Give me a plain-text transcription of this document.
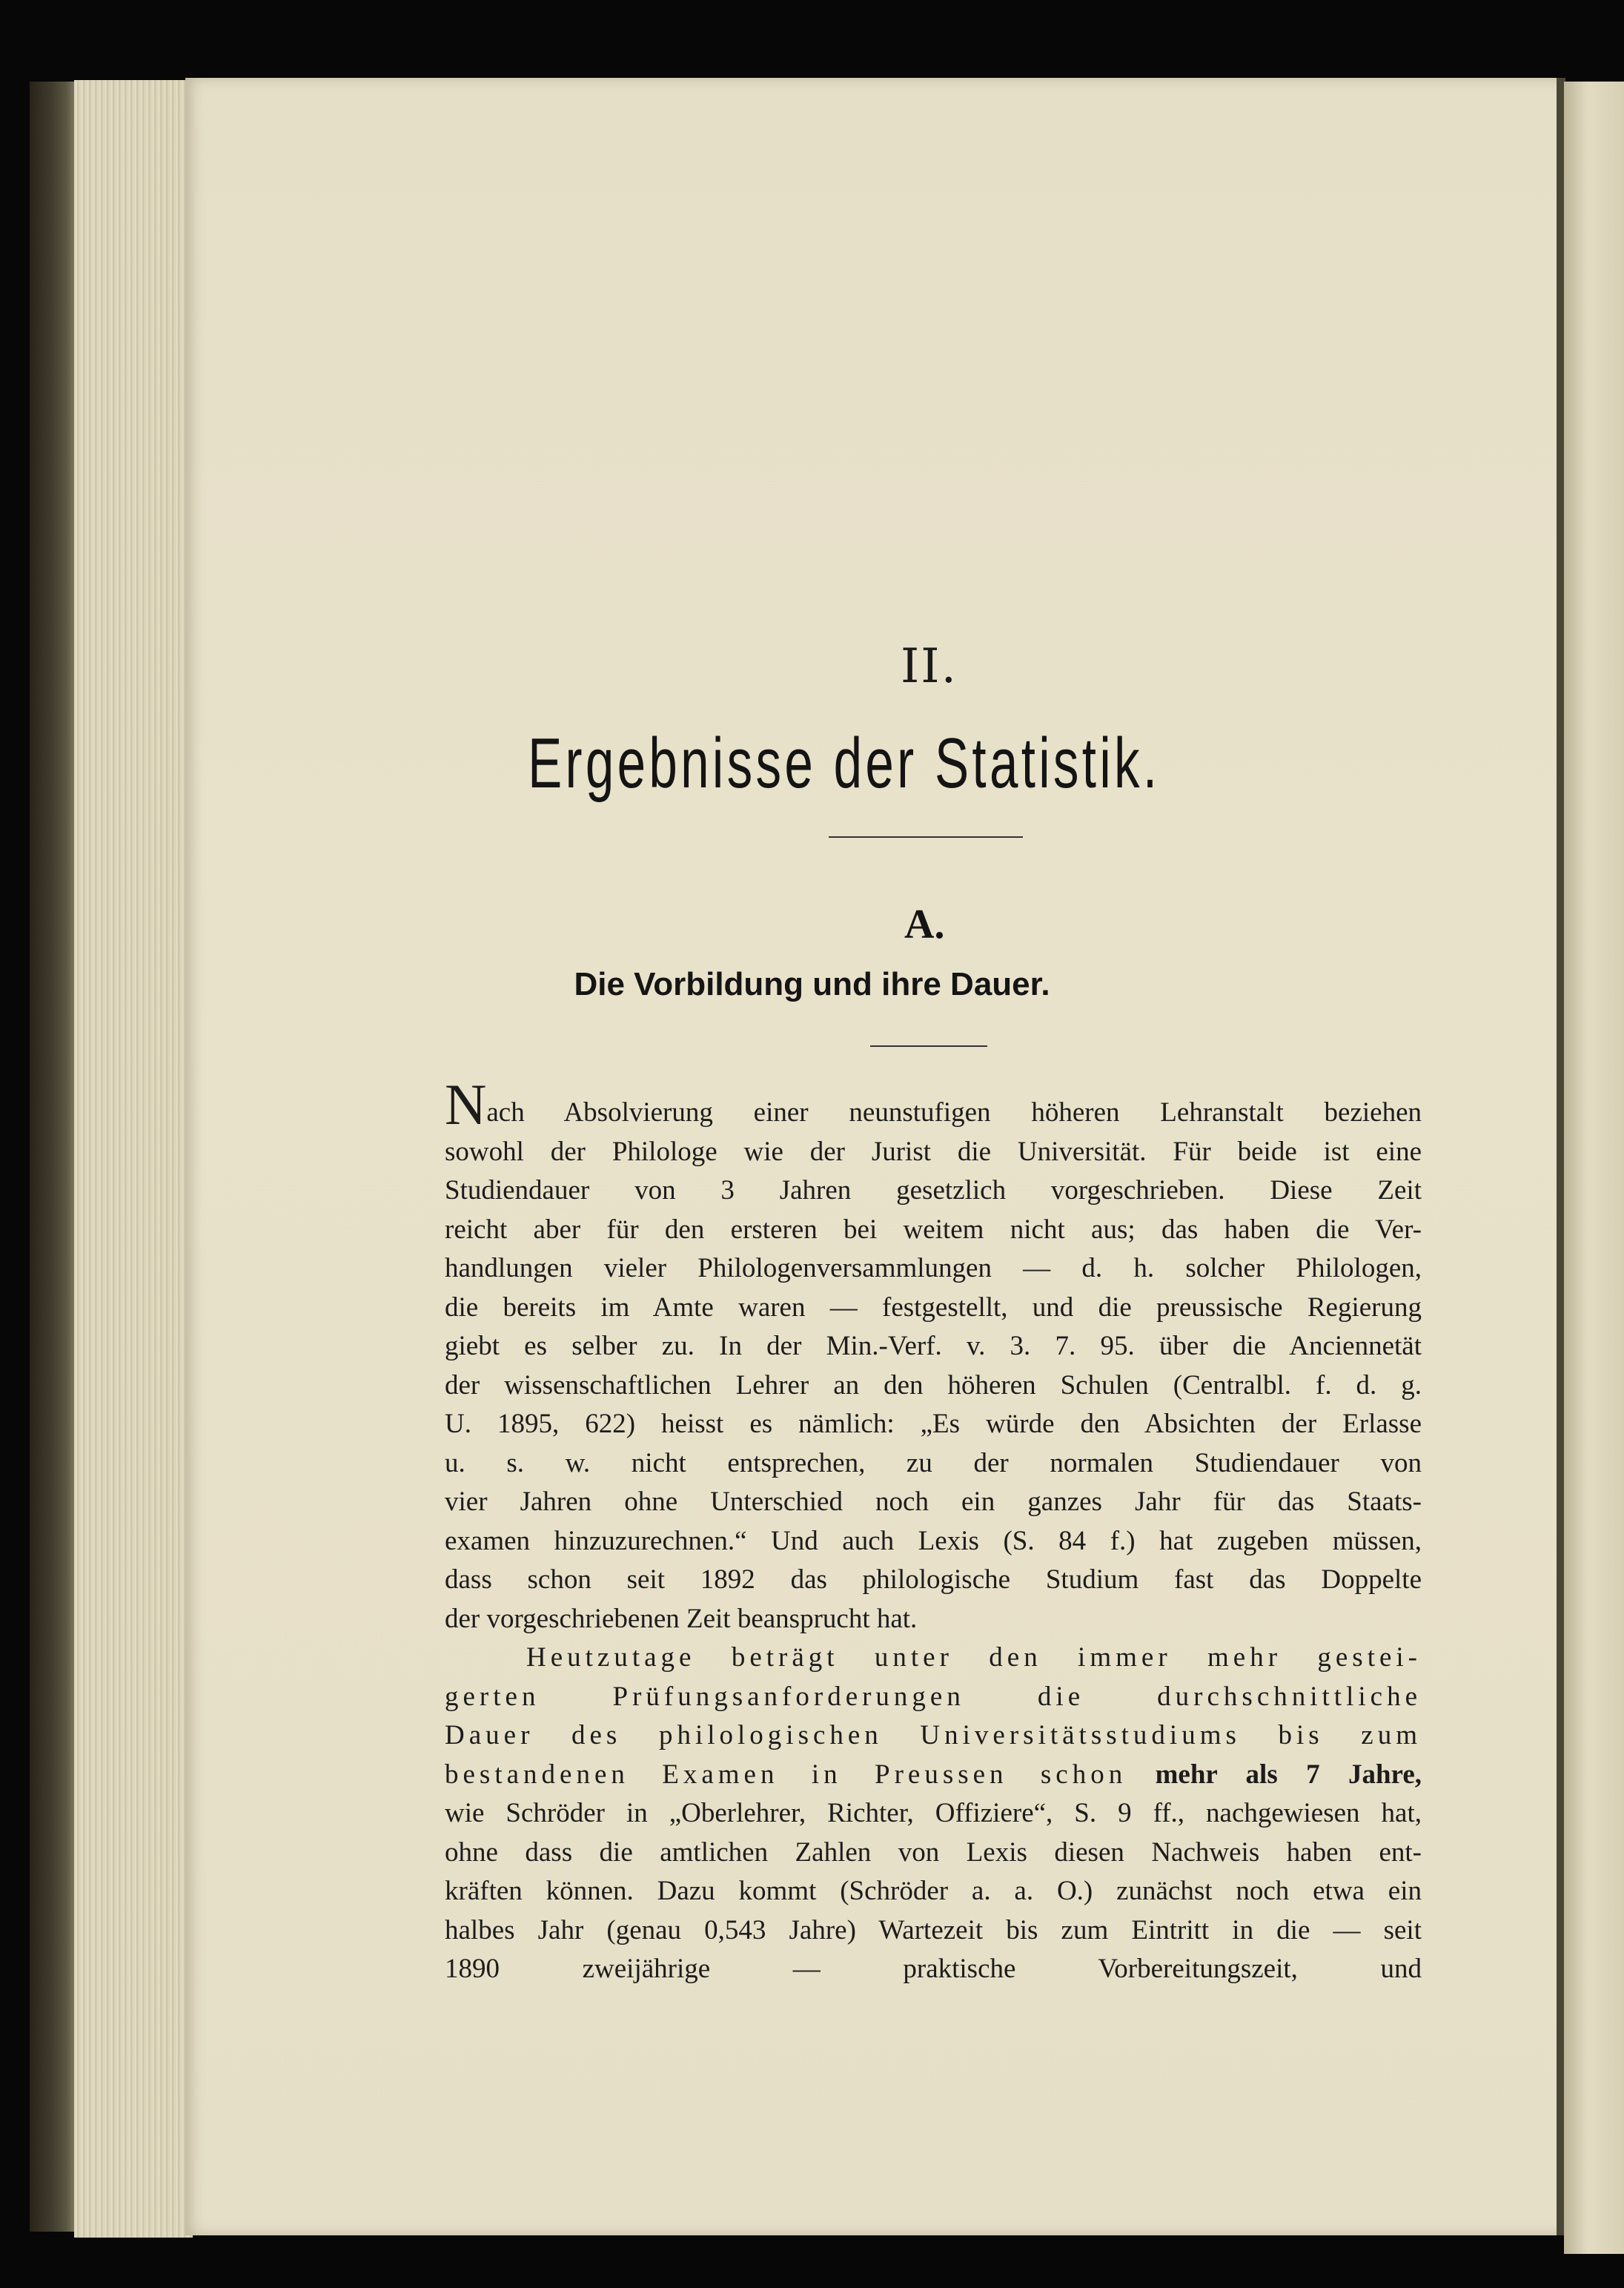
II.
Ergebnisse der Statistik.
A.
Die Vorbildung und ihre Dauer.

Nach Absolvierung einer neunstufigen höheren Lehranstalt beziehen

sowohl der Philologe wie der Jurist die Universität. Für beide ist eine

Studiendauer von 3 Jahren gesetzlich vorgeschrieben. Diese Zeit

reicht aber für den ersteren bei weitem nicht aus; das haben die Ver-

handlungen vieler Philologenversammlungen — d. h. solcher Philologen,

die bereits im Amte waren — festgestellt, und die preussische Regierung

giebt es selber zu. In der Min.-Verf. v. 3. 7. 95. über die Anciennetät

der wissenschaftlichen Lehrer an den höheren Schulen (Centralbl. f. d. g.

U. 1895, 622) heisst es nämlich: „Es würde den Absichten der Erlasse

u. s. w. nicht entsprechen, zu der normalen Studiendauer von

vier Jahren ohne Unterschied noch ein ganzes Jahr für das Staats-

examen hinzuzurechnen.“ Und auch Lexis (S. 84 f.) hat zugeben müssen,

dass schon seit 1892 das philologische Studium fast das Doppelte

der vorgeschriebenen Zeit beansprucht hat.

Heutzutage beträgt unter den immer mehr gestei-

gerten Prüfungsanforderungen die durchschnittliche

Dauer des philologischen Universitätsstudiums bis zum

bestandenen Examen in Preussen schon mehr als 7 Jahre,

wie Schröder in „Oberlehrer, Richter, Offiziere“, S. 9 ff., nachgewiesen hat,

ohne dass die amtlichen Zahlen von Lexis diesen Nachweis haben ent-

kräften können. Dazu kommt (Schröder a. a. O.) zunächst noch etwa ein

halbes Jahr (genau 0,543 Jahre) Wartezeit bis zum Eintritt in die — seit

1890 zweijährige — praktische Vorbereitungszeit, und
